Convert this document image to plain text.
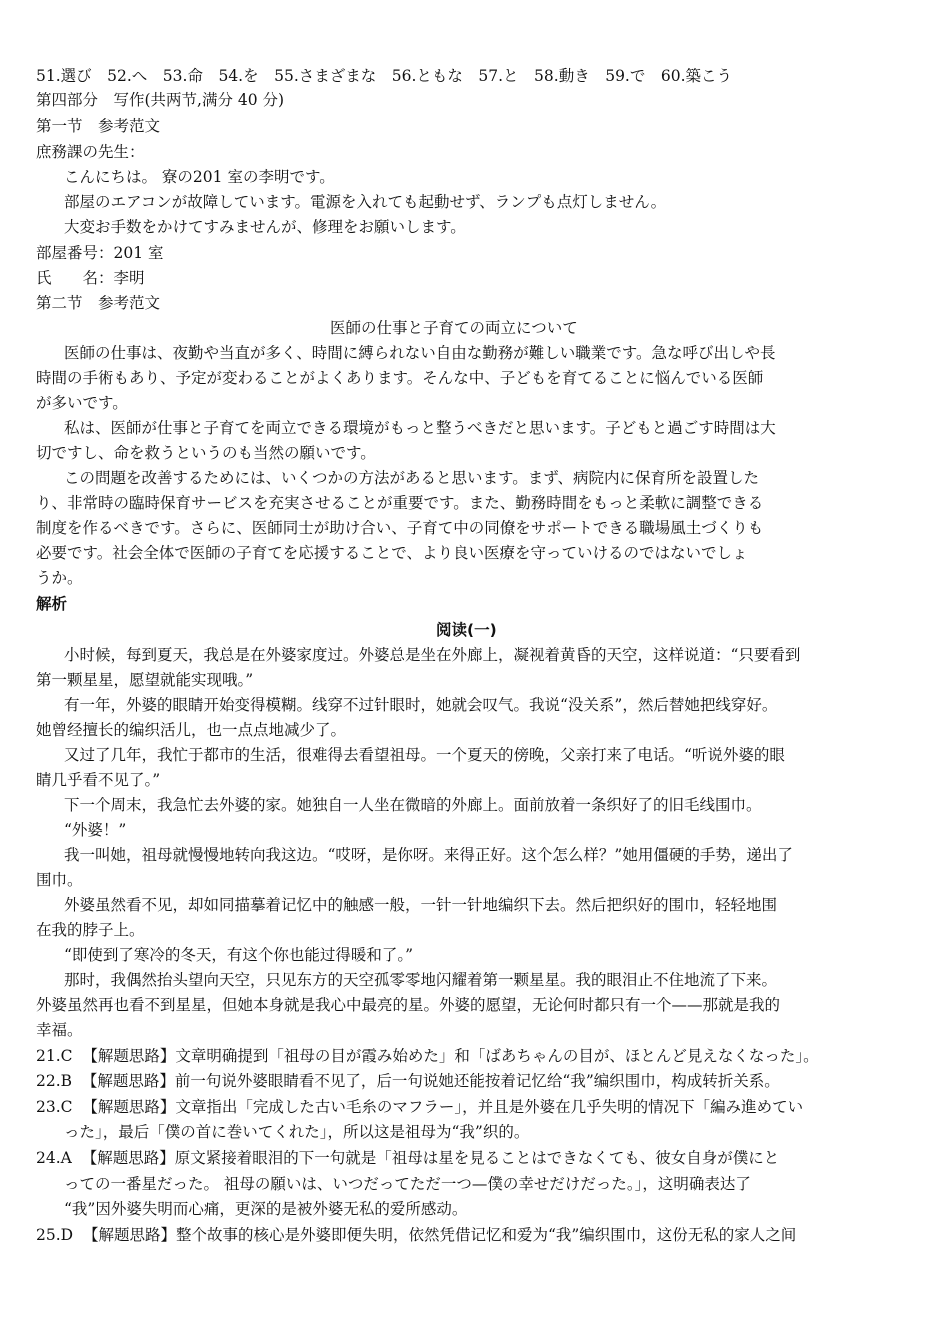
51.選び　52.へ　53.命　54.を　55.さまざまな　56.ともな　57.と　58.動き　59.で　60.築こう
第四部分　写作(共两节,满分 40 分)
第一节　参考范文
庶務課の先生：
こんにちは。 寮の201 室の李明です。
部屋のエアコンが故障しています。電源を入れても起動せず、ランプも点灯しません。
大変お手数をかけてすみませんが、修理をお願いします。
部屋番号：201 室
氏　　名：李明
第二节　参考范文
医師の仕事と子育ての両立について
医師の仕事は、夜勤や当直が多く、時間に縛られない自由な勤務が難しい職業です。急な呼び出しや長
時間の手術もあり、予定が変わることがよくあります。そんな中、子どもを育てることに悩んでいる医師
が多いです。
私は、医師が仕事と子育てを両立できる環境がもっと整うべきだと思います。子どもと過ごす時間は大
切ですし、命を救うというのも当然の願いです。
この問題を改善するためには、いくつかの方法があると思います。まず、病院内に保育所を設置した
り、非常時の臨時保育サービスを充実させることが重要です。また、勤務時間をもっと柔軟に調整できる
制度を作るべきです。さらに、医師同士が助け合い、子育て中の同僚をサポートできる職場風土づくりも
必要です。社会全体で医師の子育てを応援することで、より良い医療を守っていけるのではないでしょ
うか。
解析
阅读(一)
小时候，每到夏天，我总是在外婆家度过。外婆总是坐在外廊上，凝视着黄昏的天空，这样说道：“只要看到
第一颗星星，愿望就能实现哦。”
有一年，外婆的眼睛开始变得模糊。线穿不过针眼时，她就会叹气。我说“没关系”，然后替她把线穿好。
她曾经擅长的编织活儿，也一点点地减少了。
又过了几年，我忙于都市的生活，很难得去看望祖母。一个夏天的傍晚，父亲打来了电话。“听说外婆的眼
睛几乎看不见了。”
下一个周末，我急忙去外婆的家。她独自一人坐在微暗的外廊上。面前放着一条织好了的旧毛线围巾。
“外婆！”
我一叫她，祖母就慢慢地转向我这边。“哎呀，是你呀。来得正好。这个怎么样？”她用僵硬的手势，递出了
围巾。
外婆虽然看不见，却如同描摹着记忆中的触感一般，一针一针地编织下去。然后把织好的围巾，轻轻地围
在我的脖子上。
“即使到了寒冷的冬天，有这个你也能过得暖和了。”
那时，我偶然抬头望向天空，只见东方的天空孤零零地闪耀着第一颗星星。我的眼泪止不住地流了下来。
外婆虽然再也看不到星星，但她本身就是我心中最亮的星。外婆的愿望，无论何时都只有一个——那就是我的
幸福。
21.C 【解题思路】文章明确提到「祖母の目が霞み始めた」和「ばあちゃんの目が、ほとんど見えなくなった」。
22.B 【解题思路】前一句说外婆眼睛看不见了，后一句说她还能按着记忆给“我”编织围巾，构成转折关系。
23.C 【解题思路】文章指出「完成した古い毛糸のマフラー」，并且是外婆在几乎失明的情况下「編み進めてい
った」，最后「僕の首に巻いてくれた」，所以这是祖母为“我”织的。
24.A 【解题思路】原文紧接着眼泪的下一句就是「祖母は星を見ることはできなくても、彼女自身が僕にと
っての一番星だった。 祖母の願いは、いつだってただ一つ—僕の幸せだけだった。」，这明确表达了
“我”因外婆失明而心痛，更深的是被外婆无私的爱所感动。
25.D 【解题思路】整个故事的核心是外婆即便失明，依然凭借记忆和爱为“我”编织围巾，这份无私的家人之间
